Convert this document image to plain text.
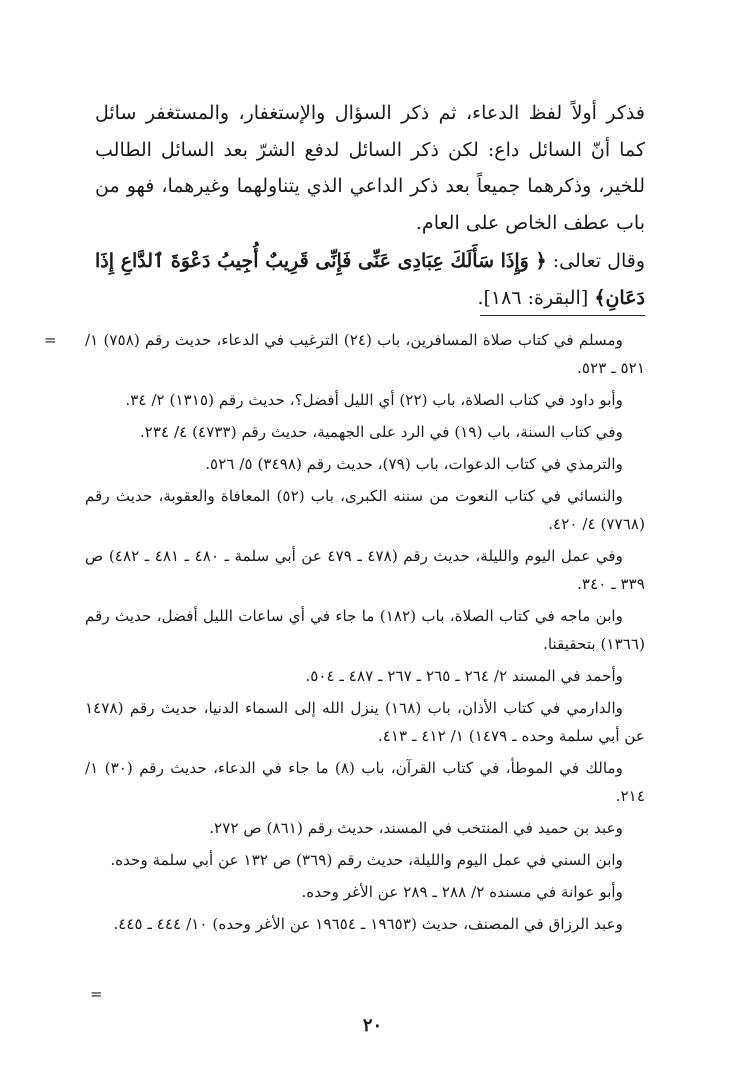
فذكر أولاً لفظ الدعاء، ثم ذكر السؤال والإستغفار، والمستغفر سائل كما أنّ السائل داع: لكن ذكر السائل لدفع الشرّ بعد السائل الطالب للخير، وذكرهما جميعاً بعد ذكر الداعي الذي يتناولهما وغيرهما، فهو من باب عطف الخاص على العام.

وقال تعالى: ﴿ وَإِذَا سَأَلَكَ عِبَادِى عَنِّى فَإِنِّى قَرِيبٌ أُجِيبُ دَعْوَةَ ٱلدَّاعِ إِذَا دَعَانِ﴾ [البقرة: ١٨٦].

= ومسلم في كتاب صلاة المسافرين، باب (٢٤) الترغيب في الدعاء، حديث رقم (٧٥٨) ١/ ٥٢١ ـ ٥٢٣.

وأبو داود في كتاب الصلاة، باب (٢٢) أي الليل أفضل؟، حديث رقم (١٣١٥) ٢/ ٣٤.

وفي كتاب السنة، باب (١٩) في الرد على الجهمية، حديث رقم (٤٧٣٣) ٤/ ٢٣٤.

والترمذي في كتاب الدعوات، باب (٧٩)، حديث رقم (٣٤٩٨) ٥/ ٥٢٦.

والنسائي في كتاب النعوت من سننه الكبرى، باب (٥٢) المعافاة والعقوبة، حديث رقم (٧٧٦٨) ٤/ ٤٢٠.

وفي عمل اليوم والليلة، حديث رقم (٤٧٨ ـ ٤٧٩ عن أبي سلمة ـ ٤٨٠ ـ ٤٨١ ـ ٤٨٢) ص ٣٣٩ ـ ٣٤٠.

وابن ماجه في كتاب الصلاة، باب (١٨٢) ما جاء في أي ساعات الليل أفضل، حديث رقم (١٣٦٦) بتحقيقنا.

وأحمد في المسند ٢/ ٢٦٤ ـ ٢٦٥ ـ ٢٦٧ ـ ٤٨٧ ـ ٥٠٤.

والدارمي في كتاب الأذان، باب (١٦٨) ينزل الله إلى السماء الدنيا، حديث رقم (١٤٧٨ عن أبي سلمة وحده ـ ١٤٧٩) ١/ ٤١٢ ـ ٤١٣.

ومالك في الموطأ، في كتاب القرآن، باب (٨) ما جاء في الدعاء، حديث رقم (٣٠) ١/ ٢١٤.

وعبد بن حميد في المنتخب في المسند، حديث رقم (٨٦١) ص ٢٧٢.

وابن السني في عمل اليوم والليلة، حديث رقم (٣٦٩) ص ١٣٢ عن أبي سلمة وحده.

وأبو عوانة في مسنده ٢/ ٢٨٨ ـ ٢٨٩ عن الأغر وحده.

وعبد الرزاق في المصنف، حديث (١٩٦٥٣ ـ ١٩٦٥٤ عن الأغر وحده) ١٠/ ٤٤٤ ـ ٤٤٥.

=
٢٠
